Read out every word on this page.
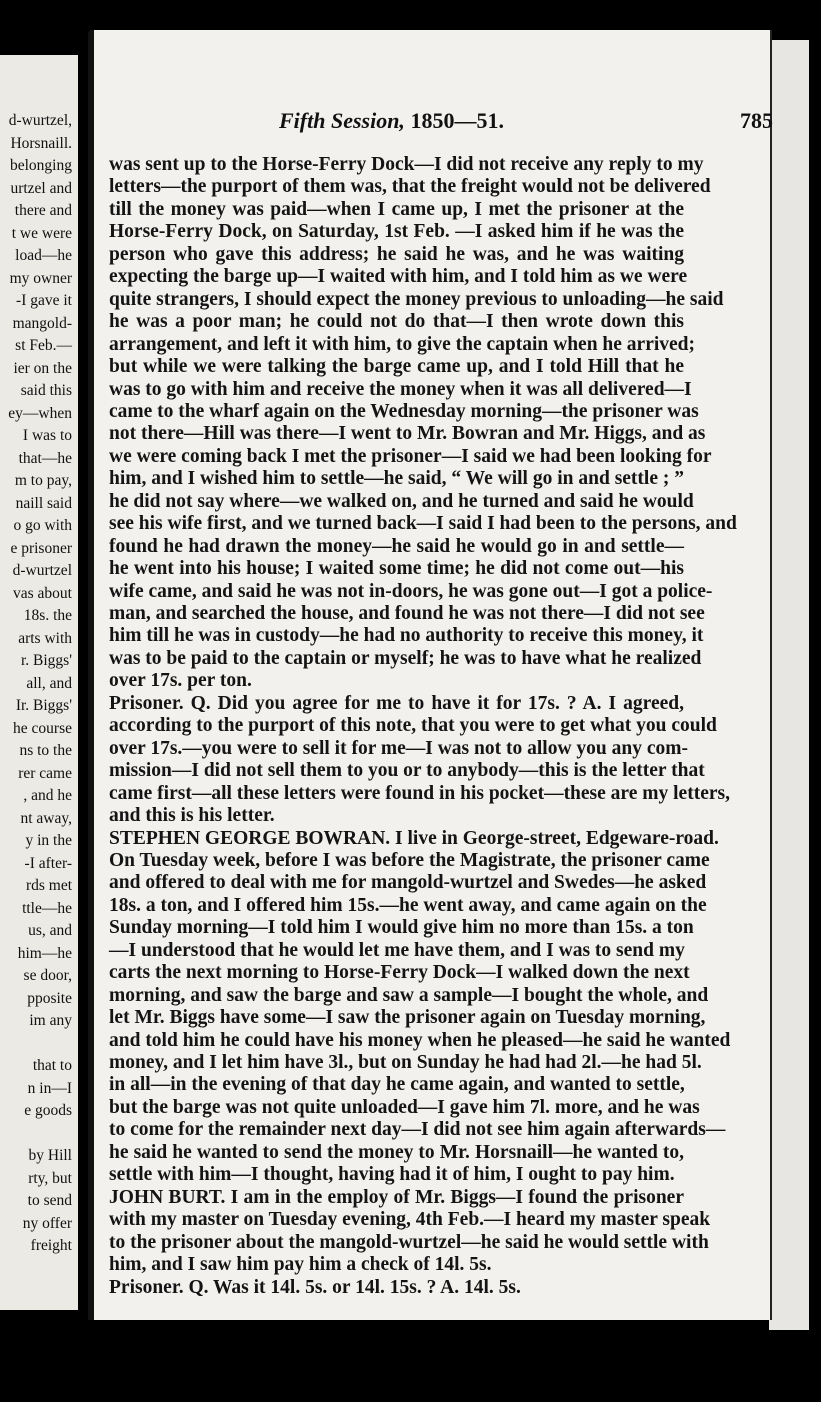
d-wurtzel,
Horsnaill.
belonging
urtzel and
there and
t we were
load—he
my owner
-I gave it
mangold-
st Feb.—
ier on the
said this
ey—when
I was to
that—he
m to pay,
naill said
o go with
e prisoner
d-wurtzel
vas about
18s. the
arts with
r. Biggs'
all, and
Ir. Biggs'
he course
ns to the
rer came
, and he
nt away,
y in the
-I after-
rds met
ttle—he
us, and
him—he
se door,
pposite
im any
that to
n in—I
e goods
by Hill
rty, but
to send
ny offer
freight
Fifth Session, 1850—51.	785
was sent up to the Horse-Ferry Dock—I did not receive any reply to my
letters—the purport of them was, that the freight would not be delivered
till the money was paid—when I came up, I met the prisoner at the
Horse-Ferry Dock, on Saturday, 1st Feb. —I asked him if he was the
person who gave this address; he said he was, and he was waiting
expecting the barge up—I waited with him, and I told him as we were
quite strangers, I should expect the money previous to unloading—he said
he was a poor man; he could not do that—I then wrote down this
arrangement, and left it with him, to give the captain when he arrived;
but while we were talking the barge came up, and I told Hill that he
was to go with him and receive the money when it was all delivered—I
came to the wharf again on the Wednesday morning—the prisoner was
not there—Hill was there—I went to Mr. Bowran and Mr. Higgs, and as
we were coming back I met the prisoner—I said we had been looking for
him, and I wished him to settle—he said, “ We will go in and settle ; ”
he did not say where—we walked on, and he turned and said he would
see his wife first, and we turned back—I said I had been to the persons, and
found he had drawn the money—he said he would go in and settle—
he went into his house; I waited some time; he did not come out—his
wife came, and said he was not in-doors, he was gone out—I got a police-
man, and searched the house, and found he was not there—I did not see
him till he was in custody—he had no authority to receive this money, it
was to be paid to the captain or myself; he was to have what he realized
over 17s. per ton.
Prisoner. Q. Did you agree for me to have it for 17s. ? A. I agreed,
according to the purport of this note, that you were to get what you could
over 17s.—you were to sell it for me—I was not to allow you any com-
mission—I did not sell them to you or to anybody—this is the letter that
came first—all these letters were found in his pocket—these are my letters,
and this is his letter.
STEPHEN GEORGE BOWRAN. I live in George-street, Edgeware-road.
On Tuesday week, before I was before the Magistrate, the prisoner came
and offered to deal with me for mangold-wurtzel and Swedes—he asked
18s. a ton, and I offered him 15s.—he went away, and came again on the
Sunday morning—I told him I would give him no more than 15s. a ton
—I understood that he would let me have them, and I was to send my
carts the next morning to Horse-Ferry Dock—I walked down the next
morning, and saw the barge and saw a sample—I bought the whole, and
let Mr. Biggs have some—I saw the prisoner again on Tuesday morning,
and told him he could have his money when he pleased—he said he wanted
money, and I let him have 3l., but on Sunday he had had 2l.—he had 5l.
in all—in the evening of that day he came again, and wanted to settle,
but the barge was not quite unloaded—I gave him 7l. more, and he was
to come for the remainder next day—I did not see him again afterwards—
he said he wanted to send the money to Mr. Horsnaill—he wanted to,
settle with him—I thought, having had it of him, I ought to pay him.
JOHN BURT. I am in the employ of Mr. Biggs—I found the prisoner
with my master on Tuesday evening, 4th Feb.—I heard my master speak
to the prisoner about the mangold-wurtzel—he said he would settle with
him, and I saw him pay him a check of 14l. 5s.
Prisoner. Q. Was it 14l. 5s. or 14l. 15s. ? A. 14l. 5s.
